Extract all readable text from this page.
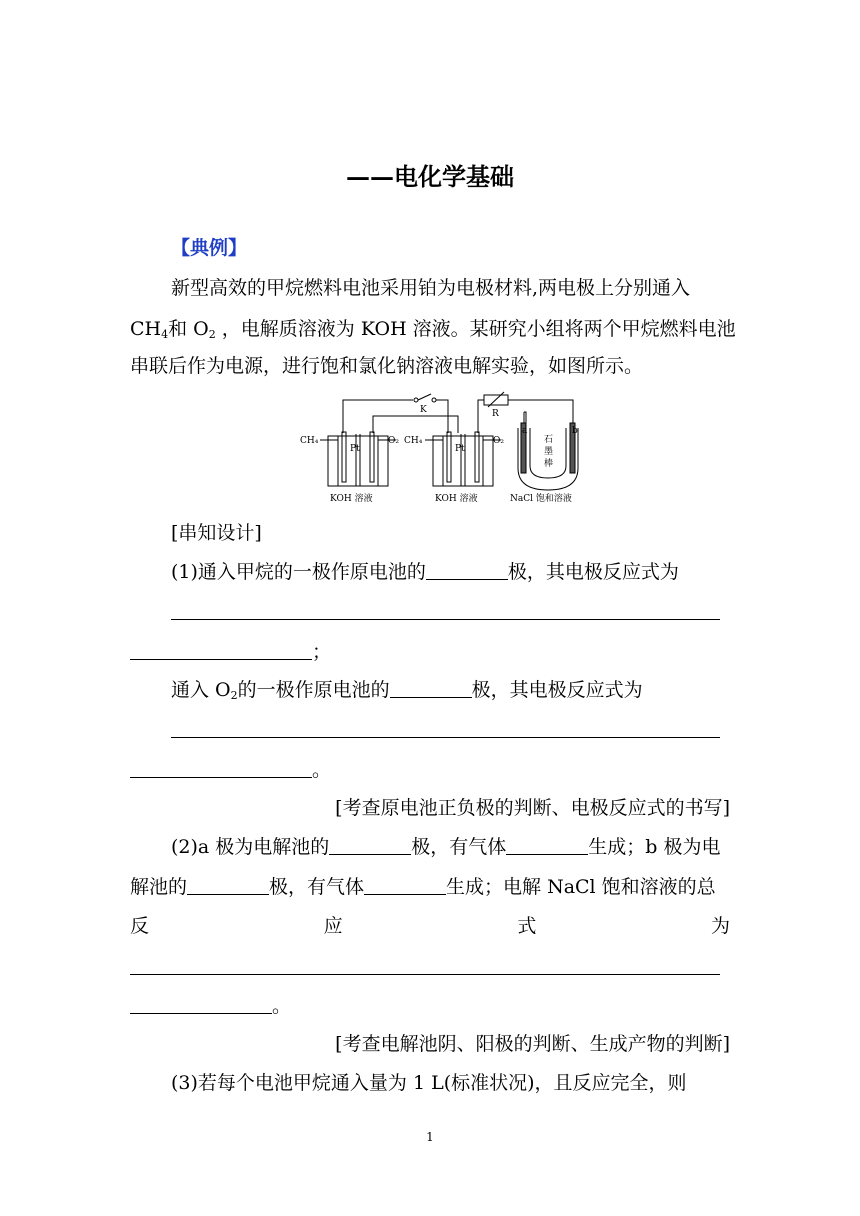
——电化学基础
【典例】
新型高效的甲烷燃料电池采用铂为电极材料,两电极上分别通入
$CH_4$和 $O_2$ ，电解质溶液为 KOH 溶液。某研究小组将两个甲烷燃料电池
串联后作为电源，进行饱和氯化钠溶液电解实验，如图所示。
K	R
CH₄
Pt
O₂
KOH 溶液
CH₄
Pt
O₂
KOH 溶液
a	b
石
墨
棒
NaCl 饱和溶液
[串知设计]
(1)通入甲烷的一极作原电池的	极，其电极反应式为
；
通入 $O_2$的一极作原电池的	极，其电极反应式为
。
[考查原电池正负极的判断、电极反应式的书写]
(2)a 极为电解池的	极，有气体	生成；b 极为电
解池的	极，有气体	生成；电解 NaCl 饱和溶液的总
反	应	式	为
。
[考查电解池阴、阳极的判断、生成产物的判断]
(3)若每个电池甲烷通入量为 1 L(标准状况)，且反应完全，则
1
